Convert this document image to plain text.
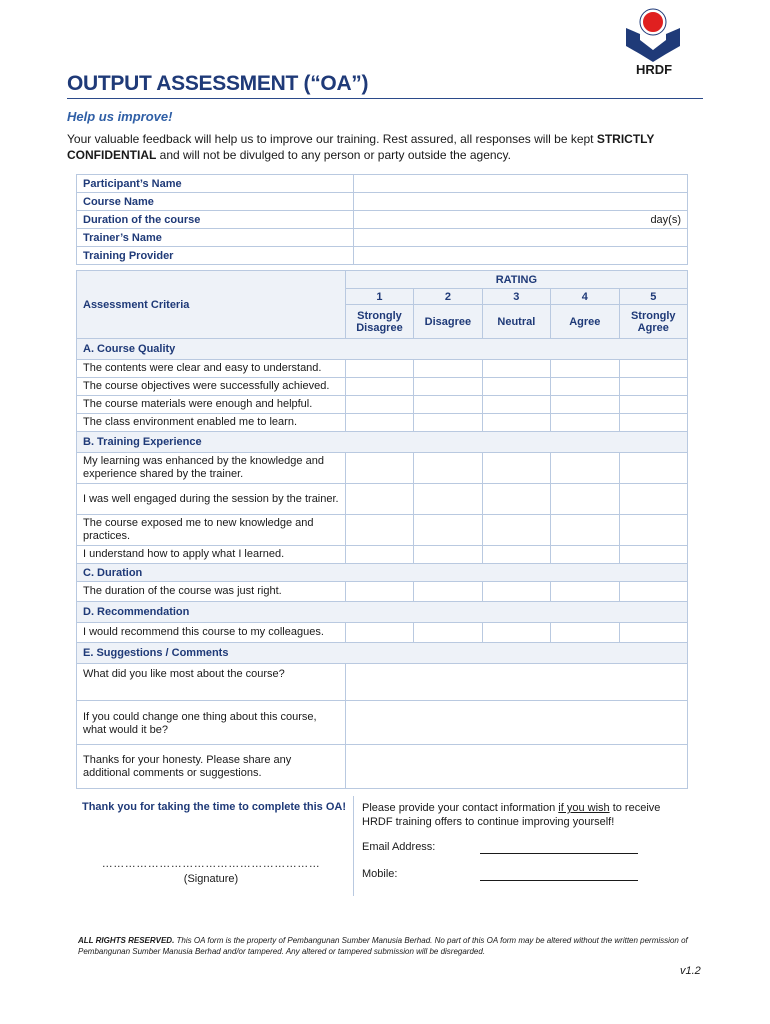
HRDF
OUTPUT ASSESSMENT (“OA”)
Help us improve!
Your valuable feedback will help us to improve our training. Rest assured, all responses will be kept STRICTLY CONFIDENTIAL and will not be divulged to any person or party outside the agency.
Participant’s Name	
Course Name	
Duration of the course	day(s)
Trainer’s Name	
Training Provider	
Assessment Criteria	RATING				
	1	2	3	4	5
	Strongly Disagree	Disagree	Neutral	Agree	Strongly Agree
A. Course Quality					
The contents were clear and easy to understand.					
The course objectives were successfully achieved.					
The course materials were enough and helpful.					
The class environment enabled me to learn.					
B. Training Experience					
My learning was enhanced by the knowledge and experience shared by the trainer.					
I was well engaged during the session by the trainer.					
The course exposed me to new knowledge and practices.					
I understand how to apply what I learned.					
C. Duration					
The duration of the course was just right.					
D. Recommendation					
I would recommend this course to my colleagues.					
E. Suggestions / Comments					
What did you like most about the course?					
If you could change one thing about this course, what would it be?					
Thanks for your honesty. Please share any additional comments or suggestions.					
Thank you for taking the time to complete this OA!	Please provide your contact information if you wish to receive HRDF training offers to continue improving yourself!
Email Address:
Mobile:
…………………………………………………
(Signature)
ALL RIGHTS RESERVED. This OA form is the property of Pembangunan Sumber Manusia Berhad. No part of this OA form may be altered without the written permission of Pembangunan Sumber Manusia Berhad and/or tampered. Any altered or tampered submission will be disregarded.
v1.2
